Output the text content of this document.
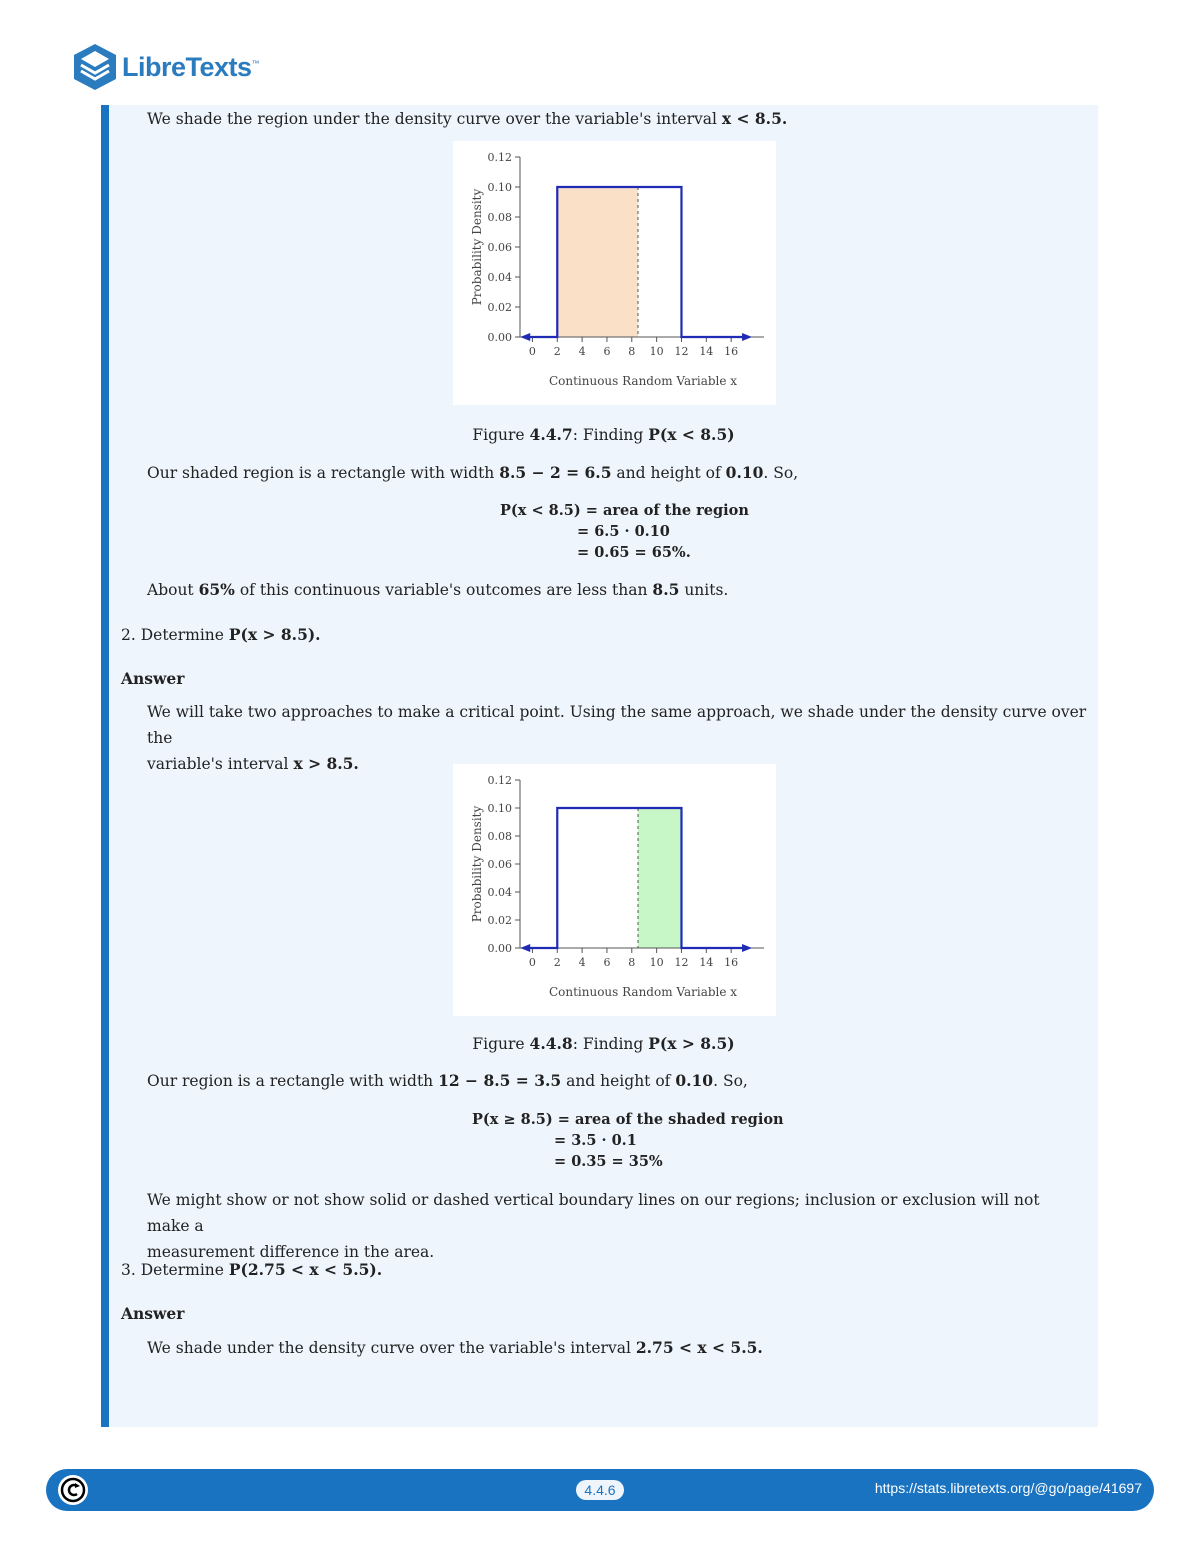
LibreTexts™
We shade the region under the density curve over the variable's interval x < 8.5.
0.00
0.02
0.04
0.06
0.08
0.10
0.12
0 2 4 6 8 10 12 14 16
Continuous Random Variable x
Probability Density
Figure 4.4.7: Finding P(x < 8.5)
Our shaded region is a rectangle with width 8.5 − 2 = 6.5 and height of 0.10. So,
P(x < 8.5) = area of the region
= 6.5 · 0.10
= 0.65 = 65%.
About 65% of this continuous variable's outcomes are less than 8.5 units.
2. Determine P(x > 8.5).
Answer
We will take two approaches to make a critical point. Using the same approach, we shade under the density curve over the
variable's interval x > 8.5.
0.00
0.02
0.04
0.06
0.08
0.10
0.12
0 2 4 6 8 10 12 14 16
Continuous Random Variable x
Probability Density
Figure 4.4.8: Finding P(x > 8.5)
Our region is a rectangle with width 12 − 8.5 = 3.5 and height of 0.10. So,
P(x ≥ 8.5) = area of the shaded region
= 3.5 · 0.1
= 0.35 = 35%
We might show or not show solid or dashed vertical boundary lines on our regions; inclusion or exclusion will not make a
measurement difference in the area.
3. Determine P(2.75 < x < 5.5).
Answer
We shade under the density curve over the variable's interval 2.75 < x < 5.5.
4.4.6	https://stats.libretexts.org/@go/page/41697
